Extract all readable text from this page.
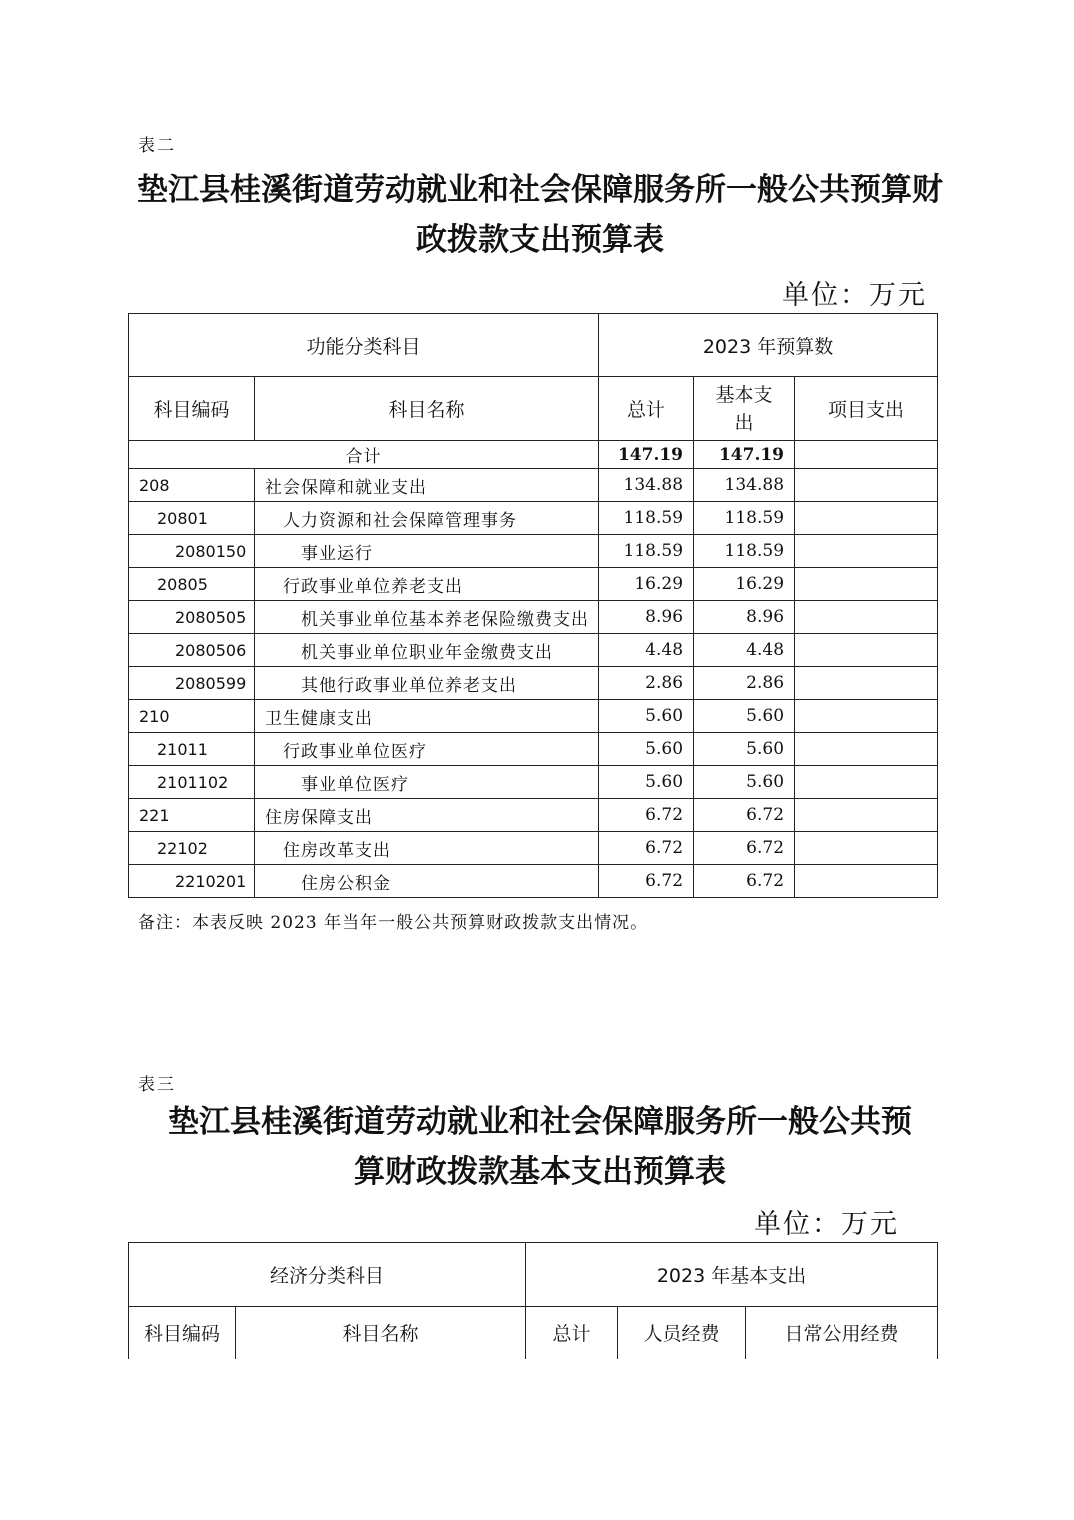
表二
垫江县桂溪街道劳动就业和社会保障服务所一般公共预算财
政拨款支出预算表
单位：万元
功能分类科目		2023 年预算数		
科目编码	科目名称	总计	基本支出	项目支出
合计		147.19	147.19	
208	社会保障和就业支出	134.88	134.88	
20801	人力资源和社会保障管理事务	118.59	118.59	
2080150	事业运行	118.59	118.59	
20805	行政事业单位养老支出	16.29	16.29	
2080505	机关事业单位基本养老保险缴费支出	8.96	8.96	
2080506	机关事业单位职业年金缴费支出	4.48	4.48	
2080599	其他行政事业单位养老支出	2.86	2.86	
210	卫生健康支出	5.60	5.60	
21011	行政事业单位医疗	5.60	5.60	
2101102	事业单位医疗	5.60	5.60	
221	住房保障支出	6.72	6.72	
22102	住房改革支出	6.72	6.72	
2210201	住房公积金	6.72	6.72	
备注：本表反映 2023 年当年一般公共预算财政拨款支出情况。
表三
垫江县桂溪街道劳动就业和社会保障服务所一般公共预
算财政拨款基本支出预算表
单位：万元
经济分类科目		2023 年基本支出		
科目编码	科目名称	总计	人员经费	日常公用经费
